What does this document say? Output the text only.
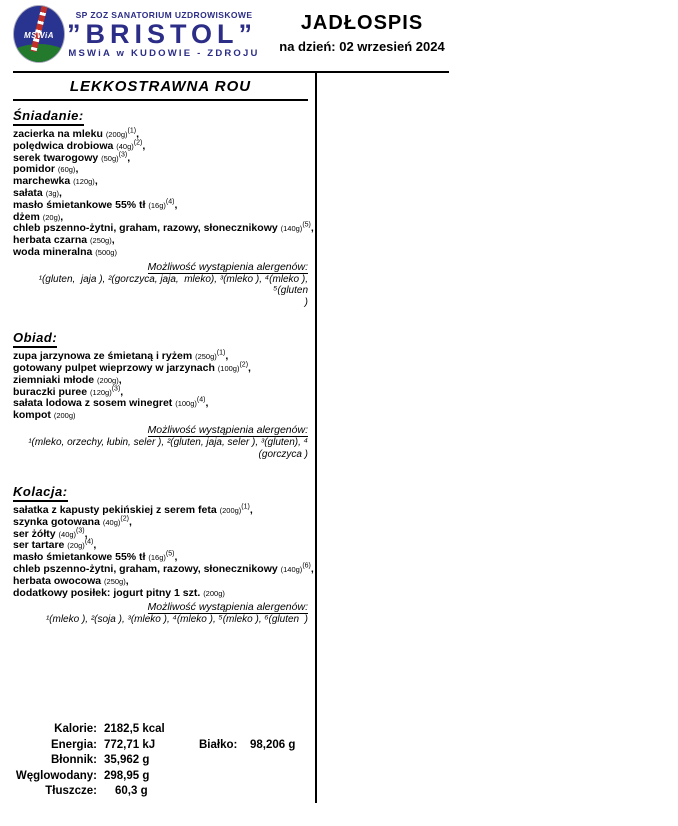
MSWiA
SP ZOZ SANATORIUM UZDROWISKOWE
”BRISTOL”
MSWiA w KUDOWIE - ZDROJU
JADŁOSPIS
na dzień: 02 wrzesień 2024
LEKKOSTRAWNA ROU
Śniadanie:
zacierka na mleku $(200g)^{(1)}$,
polędwica drobiowa $(40g)^{(2)}$,
serek twarogowy $(50g)^{(3)}$,
pomidor (60g),
marchewka (120g),
sałata (3g),
masło śmietankowe 55% tł $(16g)^{(4)}$,
dżem (20g),
chleb pszenno-żytni, graham, razowy, słonecznikowy $(140g)^{(5)}$,
herbata czarna (250g),
woda mineralna (500g)
Możliwość wystąpienia alergenów:
¹(gluten,  jaja ), ²(gorczyca, jaja,  mleko), ³(mleko ), ⁴(mleko ), ⁵(gluten
)
Obiad:
zupa jarzynowa ze śmietaną i ryżem $(250g)^{(1)}$,
gotowany pulpet wieprzowy w jarzynach $(100g)^{(2)}$,
ziemniaki młode (200g),
buraczki puree $(120g)^{(3)}$,
sałata lodowa z sosem winegret $(100g)^{(4)}$,
kompot (200g)
Możliwość wystąpienia alergenów:
¹(mleko, orzechy, łubin, seler ), ²(gluten, jaja, seler ), ³(gluten), ⁴
(gorczyca )
Kolacja:
sałatka z kapusty pekińskiej z serem feta $(200g)^{(1)}$,
szynka gotowana $(40g)^{(2)}$,
ser żółty $(40g)^{(3)}$,
ser tartare $(20g)^{(4)}$,
masło śmietankowe 55% tł $(16g)^{(5)}$,
chleb pszenno-żytni, graham, razowy, słonecznikowy $(140g)^{(6)}$,
herbata owocowa (250g),
dodatkowy posiłek: jogurt pitny 1 szt. (200g)
Możliwość wystąpienia alergenów:
¹(mleko ), ²(soja ), ³(mleko ), ⁴(mleko ), ⁵(mleko ), ⁶(gluten  )
Kalorie: 2182,5 kcal
Energia: 772,71 kJ	Białko: 98,206 g
Błonnik: 35,962 g
Węglowodany: 298,95 g
Tłuszcze:	60,3 g
